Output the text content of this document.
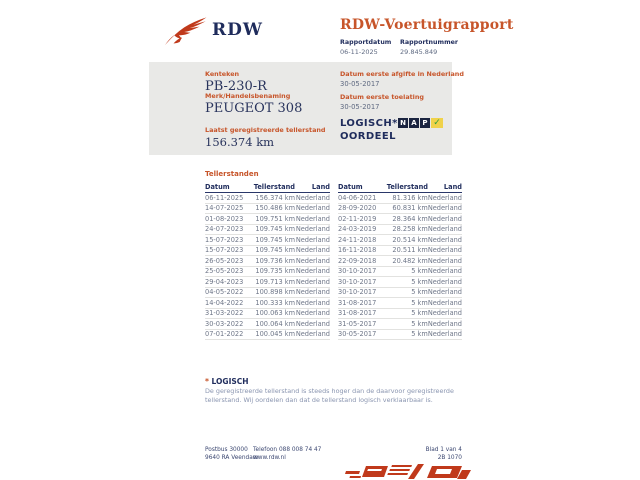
RDW	RDW-Voertuigrapport
Rapportdatum
06-11-2025
Rapportnummer
29.845.849
Kenteken
PB-230-R
Merk/Handelsbenaming
PEUGEOT 308
Laatst geregistreerde tellerstand
156.374 km
Datum eerste afgifte in Nederland
30-05-2017
Datum eerste toelating
30-05-2017
LOGISCH*
OORDEEL
N A P ✓
Tellerstanden
Datum	Tellerstand	Land
06-11-2025	156.374 km Nederland
14-07-2025	150.486 km Nederland
01-08-2023	109.751 km Nederland
24-07-2023	109.745 km Nederland
15-07-2023	109.745 km Nederland
15-07-2023	109.745 km Nederland
26-05-2023	109.736 km Nederland
25-05-2023	109.735 km Nederland
29-04-2023	109.713 km Nederland
04-05-2022	100.898 km Nederland
14-04-2022	100.333 km Nederland
31-03-2022	100.063 km Nederland
30-03-2022	100.064 km Nederland
07-01-2022	100.045 km Nederland
Datum	Tellerstand	Land
04-06-2021	81.316 km Nederland
28-09-2020	60.831 km Nederland
02-11-2019	28.364 km Nederland
24-03-2019	28.258 km Nederland
24-11-2018	20.514 km Nederland
16-11-2018	20.511 km Nederland
22-09-2018	20.482 km Nederland
30-10-2017	5 km Nederland
30-10-2017	5 km Nederland
30-10-2017	5 km Nederland
31-08-2017	5 km Nederland
31-08-2017	5 km Nederland
31-05-2017	5 km Nederland
30-05-2017	5 km Nederland
* LOGISCH
De geregistreerde tellerstand is steeds hoger dan de daarvoor geregistreerde tellerstand. Wij oordelen dan dat de tellerstand logisch verklaarbaar is.
Postbus 30000
9640 RA Veendam
Telefoon 088 008 74 47
www.rdw.nl
Blad 1 van 4
2B 1070
